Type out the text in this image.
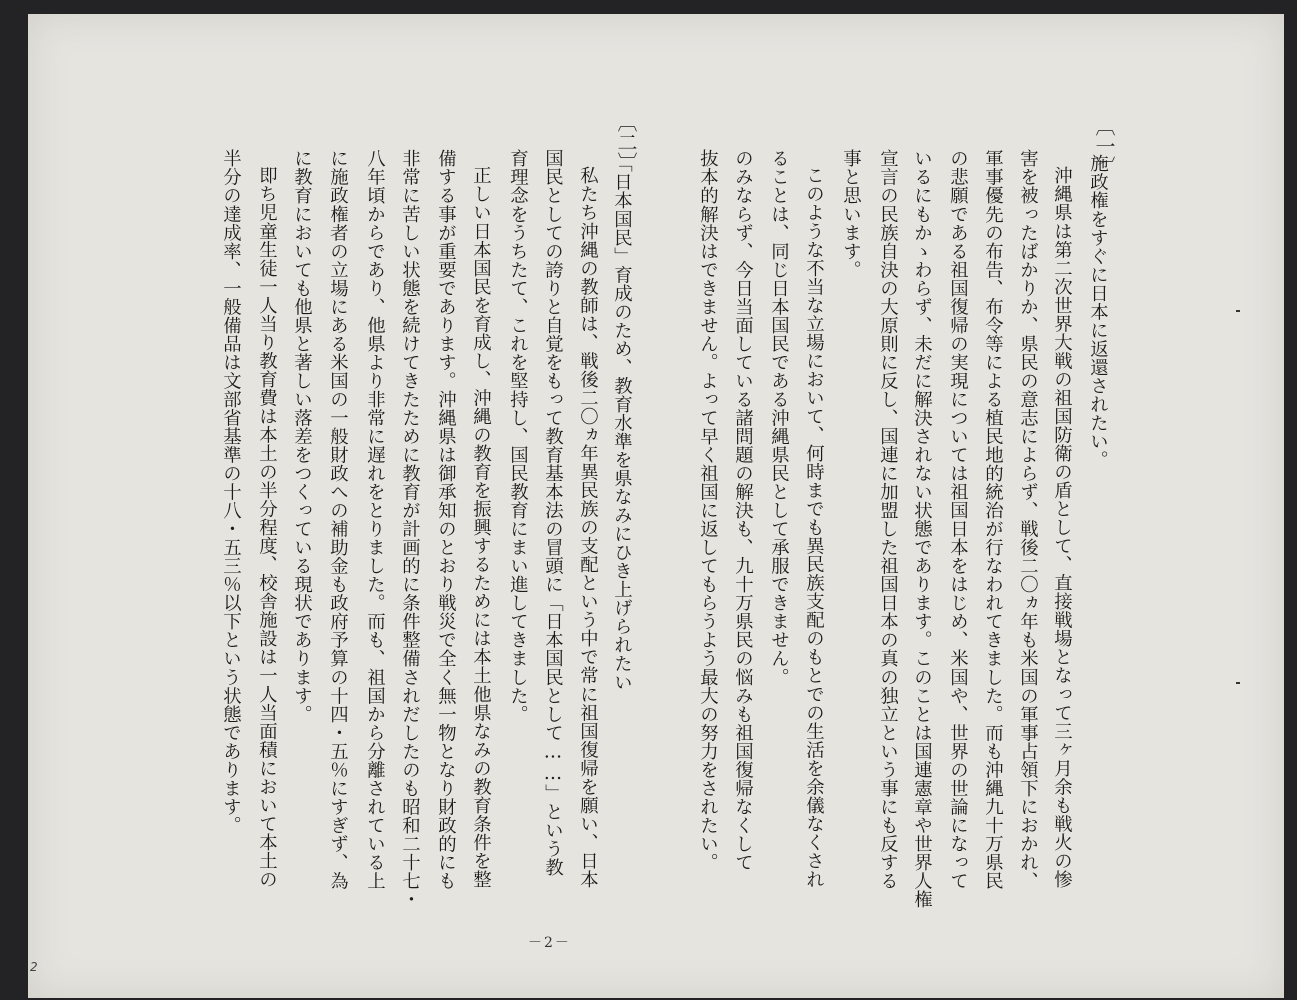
〔一〕
〔二〕
施政権をすぐに日本に返還されたい。
沖縄県は第二次世界大戦の祖国防衛の盾として、直接戦場となって三ヶ月余も戦火の惨
害を被ったばかりか、県民の意志によらず、戦後二〇ヵ年も米国の軍事占領下におかれ、
軍事優先の布告、布令等による植民地的統治が行なわれてきました。而も沖縄九十万県民
の悲願である祖国復帰の実現については祖国日本をはじめ、米国や、世界の世論になって
いるにもかゝわらず、未だに解決されない状態であります。このことは国連憲章や世界人権
宣言の民族自決の大原則に反し、国連に加盟した祖国日本の真の独立という事にも反する
事と思います。
このような不当な立場において、何時までも異民族支配のもとでの生活を余儀なくされ
ることは、同じ日本国民である沖縄県民として承服できません。
のみならず、今日当面している諸問題の解決も、九十万県民の悩みも祖国復帰なくして
抜本的解決はできません。よって早く祖国に返してもらうよう最大の努力をされたい。
「日本国民」育成のため、教育水準を県なみにひき上げられたい
私たち沖縄の教師は、戦後二〇ヵ年異民族の支配という中で常に祖国復帰を願い、日本
国民としての誇りと自覚をもって教育基本法の冒頭に「日本国民として……」という教
育理念をうちたて、これを堅持し、国民教育にまい進してきました。
正しい日本国民を育成し、沖縄の教育を振興するためには本土他県なみの教育条件を整
備する事が重要であります。沖縄県は御承知のとおり戦災で全く無一物となり財政的にも
非常に苦しい状態を続けてきたために教育が計画的に条件整備されだしたのも昭和二十七・
八年頃からであり、他県より非常に遅れをとりました。而も、祖国から分離されている上
に施政権者の立場にある米国の一般財政への補助金も政府予算の十四・五％にすぎず、為
に教育においても他県と著しい落差をつくっている現状であります。
即ち児童生徒一人当り教育費は本土の半分程度、校舎施設は一人当面積において本土の
半分の達成率、一般備品は文部省基準の十八・五三％以下という状態であります。
－2－
2
